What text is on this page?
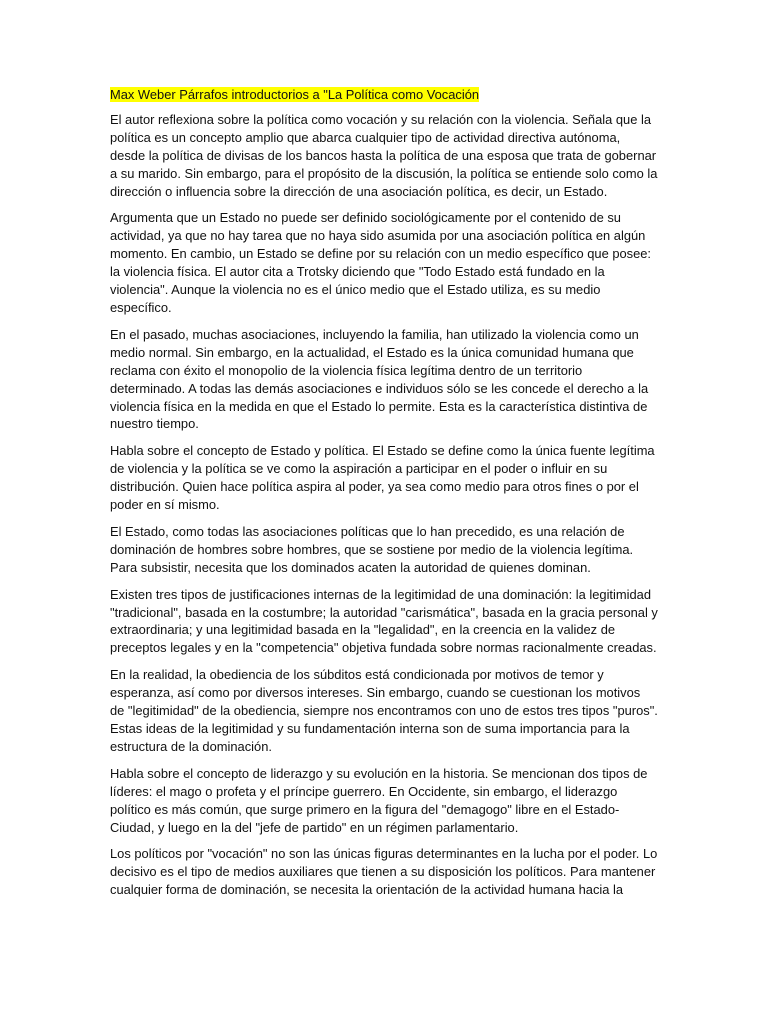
Max Weber Párrafos introductorios a "La Política como Vocación

El autor reflexiona sobre la política como vocación y su relación con la violencia. Señala que la política es un concepto amplio que abarca cualquier tipo de actividad directiva autónoma, desde la política de divisas de los bancos hasta la política de una esposa que trata de gobernar a su marido. Sin embargo, para el propósito de la discusión, la política se entiende solo como la dirección o influencia sobre la dirección de una asociación política, es decir, un Estado.

Argumenta que un Estado no puede ser definido sociológicamente por el contenido de su actividad, ya que no hay tarea que no haya sido asumida por una asociación política en algún momento. En cambio, un Estado se define por su relación con un medio específico que posee: la violencia física. El autor cita a Trotsky diciendo que "Todo Estado está fundado en la violencia". Aunque la violencia no es el único medio que el Estado utiliza, es su medio específico.

En el pasado, muchas asociaciones, incluyendo la familia, han utilizado la violencia como un medio normal. Sin embargo, en la actualidad, el Estado es la única comunidad humana que reclama con éxito el monopolio de la violencia física legítima dentro de un territorio determinado. A todas las demás asociaciones e individuos sólo se les concede el derecho a la violencia física en la medida en que el Estado lo permite. Esta es la característica distintiva de nuestro tiempo.

Habla sobre el concepto de Estado y política. El Estado se define como la única fuente legítima de violencia y la política se ve como la aspiración a participar en el poder o influir en su distribución. Quien hace política aspira al poder, ya sea como medio para otros fines o por el poder en sí mismo.

El Estado, como todas las asociaciones políticas que lo han precedido, es una relación de dominación de hombres sobre hombres, que se sostiene por medio de la violencia legítima. Para subsistir, necesita que los dominados acaten la autoridad de quienes dominan.

Existen tres tipos de justificaciones internas de la legitimidad de una dominación: la legitimidad "tradicional", basada en la costumbre; la autoridad "carismática", basada en la gracia personal y extraordinaria; y una legitimidad basada en la "legalidad", en la creencia en la validez de preceptos legales y en la "competencia" objetiva fundada sobre normas racionalmente creadas.

En la realidad, la obediencia de los súbditos está condicionada por motivos de temor y esperanza, así como por diversos intereses. Sin embargo, cuando se cuestionan los motivos de "legitimidad" de la obediencia, siempre nos encontramos con uno de estos tres tipos "puros". Estas ideas de la legitimidad y su fundamentación interna son de suma importancia para la estructura de la dominación.

Habla sobre el concepto de liderazgo y su evolución en la historia. Se mencionan dos tipos de líderes: el mago o profeta y el príncipe guerrero. En Occidente, sin embargo, el liderazgo político es más común, que surge primero en la figura del "demagogo" libre en el Estado-Ciudad, y luego en la del "jefe de partido" en un régimen parlamentario.

Los políticos por "vocación" no son las únicas figuras determinantes en la lucha por el poder. Lo decisivo es el tipo de medios auxiliares que tienen a su disposición los políticos. Para mantener cualquier forma de dominación, se necesita la orientación de la actividad humana hacia la
